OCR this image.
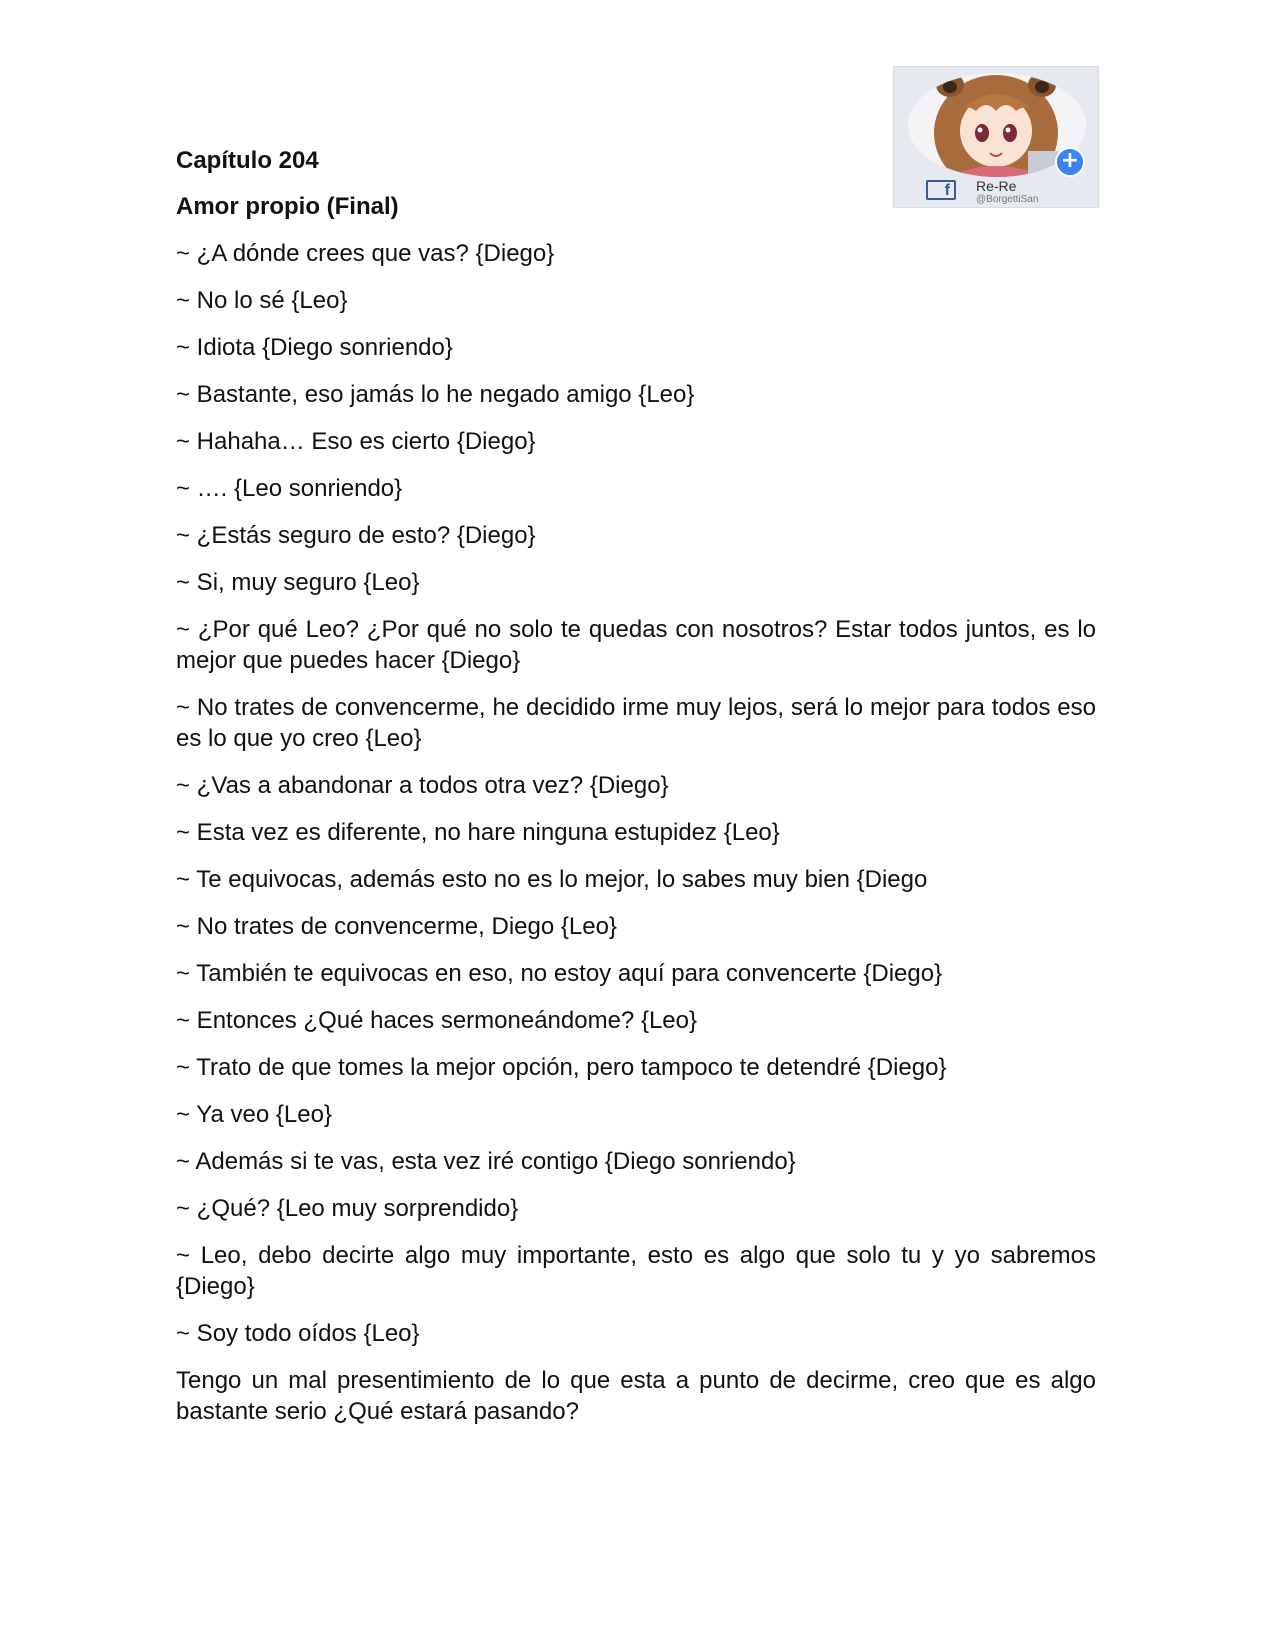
+
f	Re-Re
@BorgettiSan
Capítulo 204
Amor propio (Final)
~ ¿A dónde crees que vas? {Diego}
~ No lo sé {Leo}
~ Idiota {Diego sonriendo}
~ Bastante, eso jamás lo he negado amigo {Leo}
~ Hahaha… Eso es cierto {Diego}
~ …. {Leo sonriendo}
~ ¿Estás seguro de esto? {Diego}
~ Si, muy seguro {Leo}
~ ¿Por qué Leo? ¿Por qué no solo te quedas con nosotros? Estar todos juntos, es lo mejor que puedes hacer {Diego}
~ No trates de convencerme, he decidido irme muy lejos, será lo mejor para todos eso es lo que yo creo {Leo}
~ ¿Vas a abandonar a todos otra vez? {Diego}
~ Esta vez es diferente, no hare ninguna estupidez {Leo}
~ Te equivocas, además esto no es lo mejor, lo sabes muy bien {Diego
~ No trates de convencerme, Diego {Leo}
~ También te equivocas en eso, no estoy aquí para convencerte {Diego}
~ Entonces ¿Qué haces sermoneándome? {Leo}
~ Trato de que tomes la mejor opción, pero tampoco te detendré {Diego}
~ Ya veo {Leo}
~ Además si te vas, esta vez iré contigo {Diego sonriendo}
~ ¿Qué? {Leo muy sorprendido}
~ Leo, debo decirte algo muy importante, esto es algo que solo tu y yo sabremos {Diego}
~ Soy todo oídos {Leo}
Tengo un mal presentimiento de lo que esta a punto de decirme, creo que es algo bastante serio ¿Qué estará pasando?
